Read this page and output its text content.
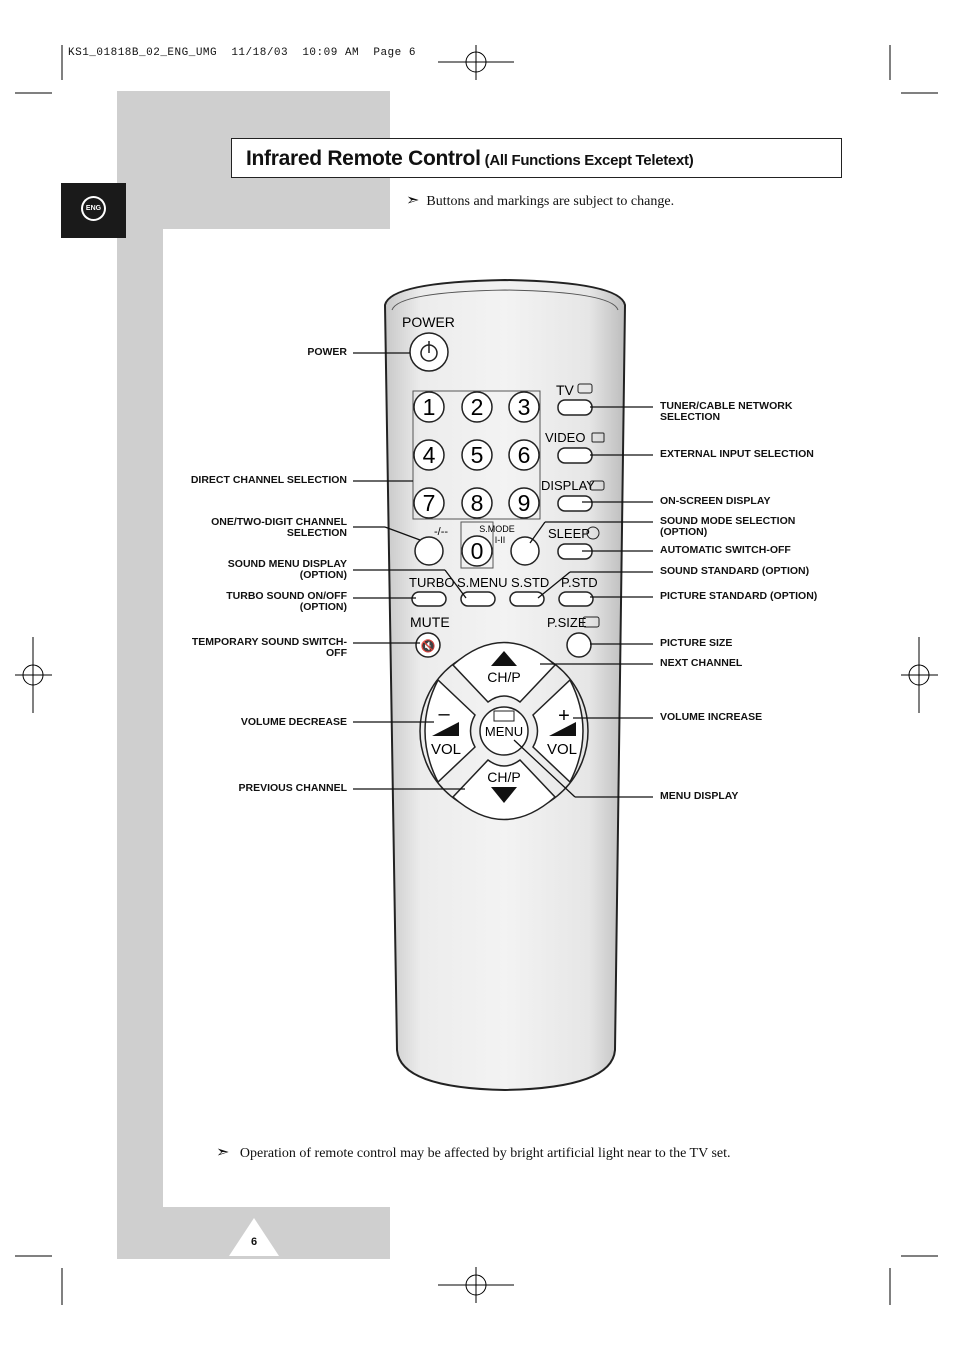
KS1_01818B_02_ENG_UMG  11/18/03  10:09 AM  Page 6
ENG
Infrared Remote Control (All Functions Except Teletext)
➣ Buttons and markings are subject to change.
POWER
1 2 3
4 5 6
7 8 9
0
S.MODE
I-II
-/--
TV
VIDEO
DISPLAY
SLEEP
TURBO S.MENU S.STD P.STD
MUTE
🔇
P.SIZE
CH/P
CH/P
VOL	VOL
–	+
MENU
POWER
DIRECT CHANNEL SELECTION
ONE/TWO-DIGIT CHANNEL
SELECTION
SOUND MENU DISPLAY
(OPTION)
TURBO SOUND ON/OFF
(OPTION)
TEMPORARY SOUND SWITCH-
OFF
VOLUME DECREASE
PREVIOUS CHANNEL
TUNER/CABLE NETWORK
SELECTION
EXTERNAL INPUT SELECTION
ON-SCREEN DISPLAY
SOUND MODE SELECTION
(OPTION)
AUTOMATIC SWITCH-OFF
SOUND STANDARD (OPTION)
PICTURE STANDARD (OPTION)
PICTURE SIZE
NEXT CHANNEL
VOLUME INCREASE
MENU DISPLAY
➣ Operation of remote control may be affected by bright artificial light near to the TV set.
6
